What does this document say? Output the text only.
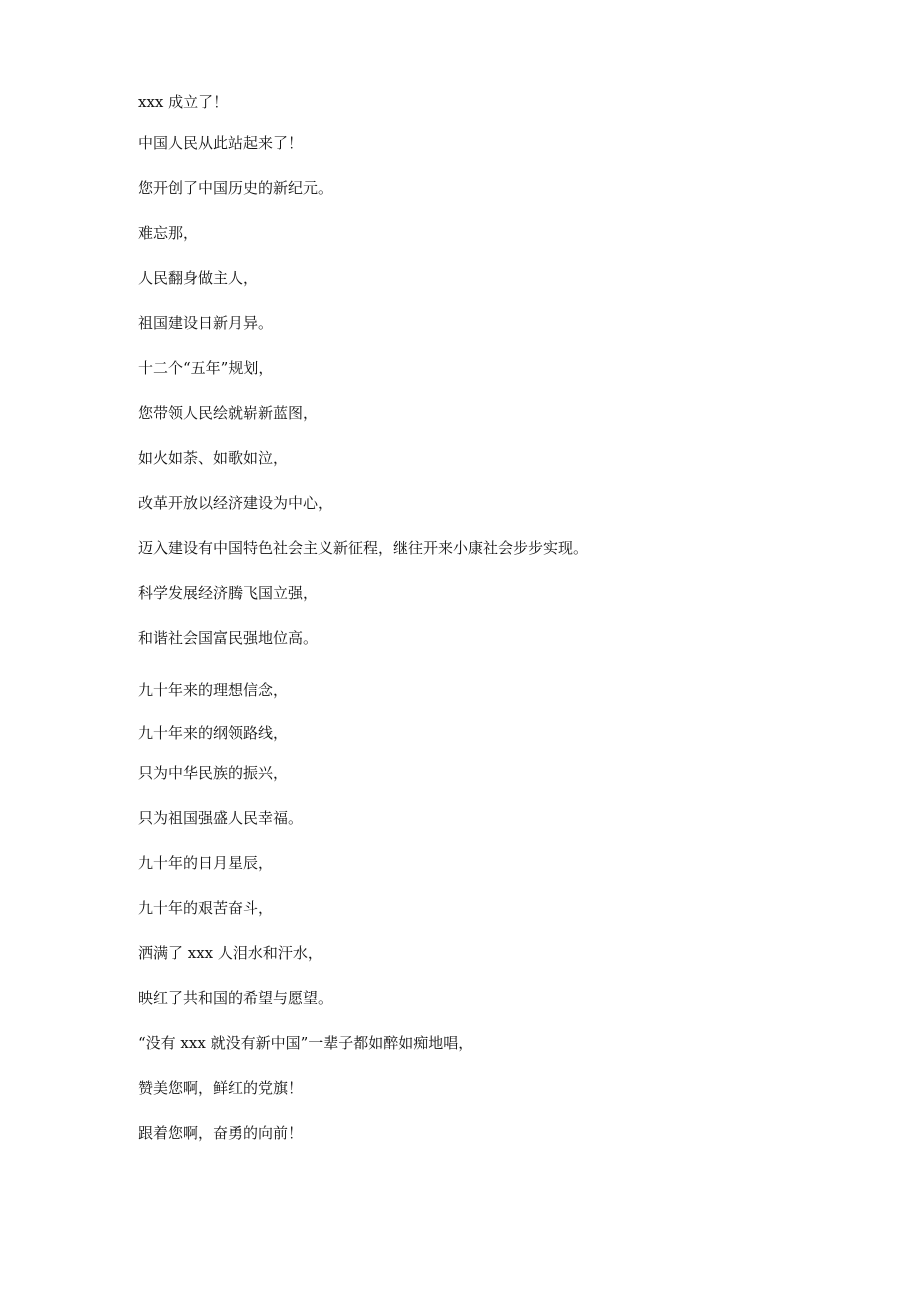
xxx 成立了！
中国人民从此站起来了！
您开创了中国历史的新纪元。
难忘那，
人民翻身做主人，
祖国建设日新月异。
十二个“五年”规划，
您带领人民绘就崭新蓝图，
如火如荼、如歌如泣，
改革开放以经济建设为中心，
迈入建设有中国特色社会主义新征程，继往开来小康社会步步实现。
科学发展经济腾飞国立强，
和谐社会国富民强地位高。
九十年来的理想信念，
九十年来的纲领路线，
只为中华民族的振兴，
只为祖国强盛人民幸福。
九十年的日月星辰，
九十年的艰苦奋斗，
洒满了 xxx 人泪水和汗水，
映红了共和国的希望与愿望。
“没有 xxx 就没有新中国”一辈子都如醉如痴地唱，
赞美您啊，鲜红的党旗！
跟着您啊，奋勇的向前！
